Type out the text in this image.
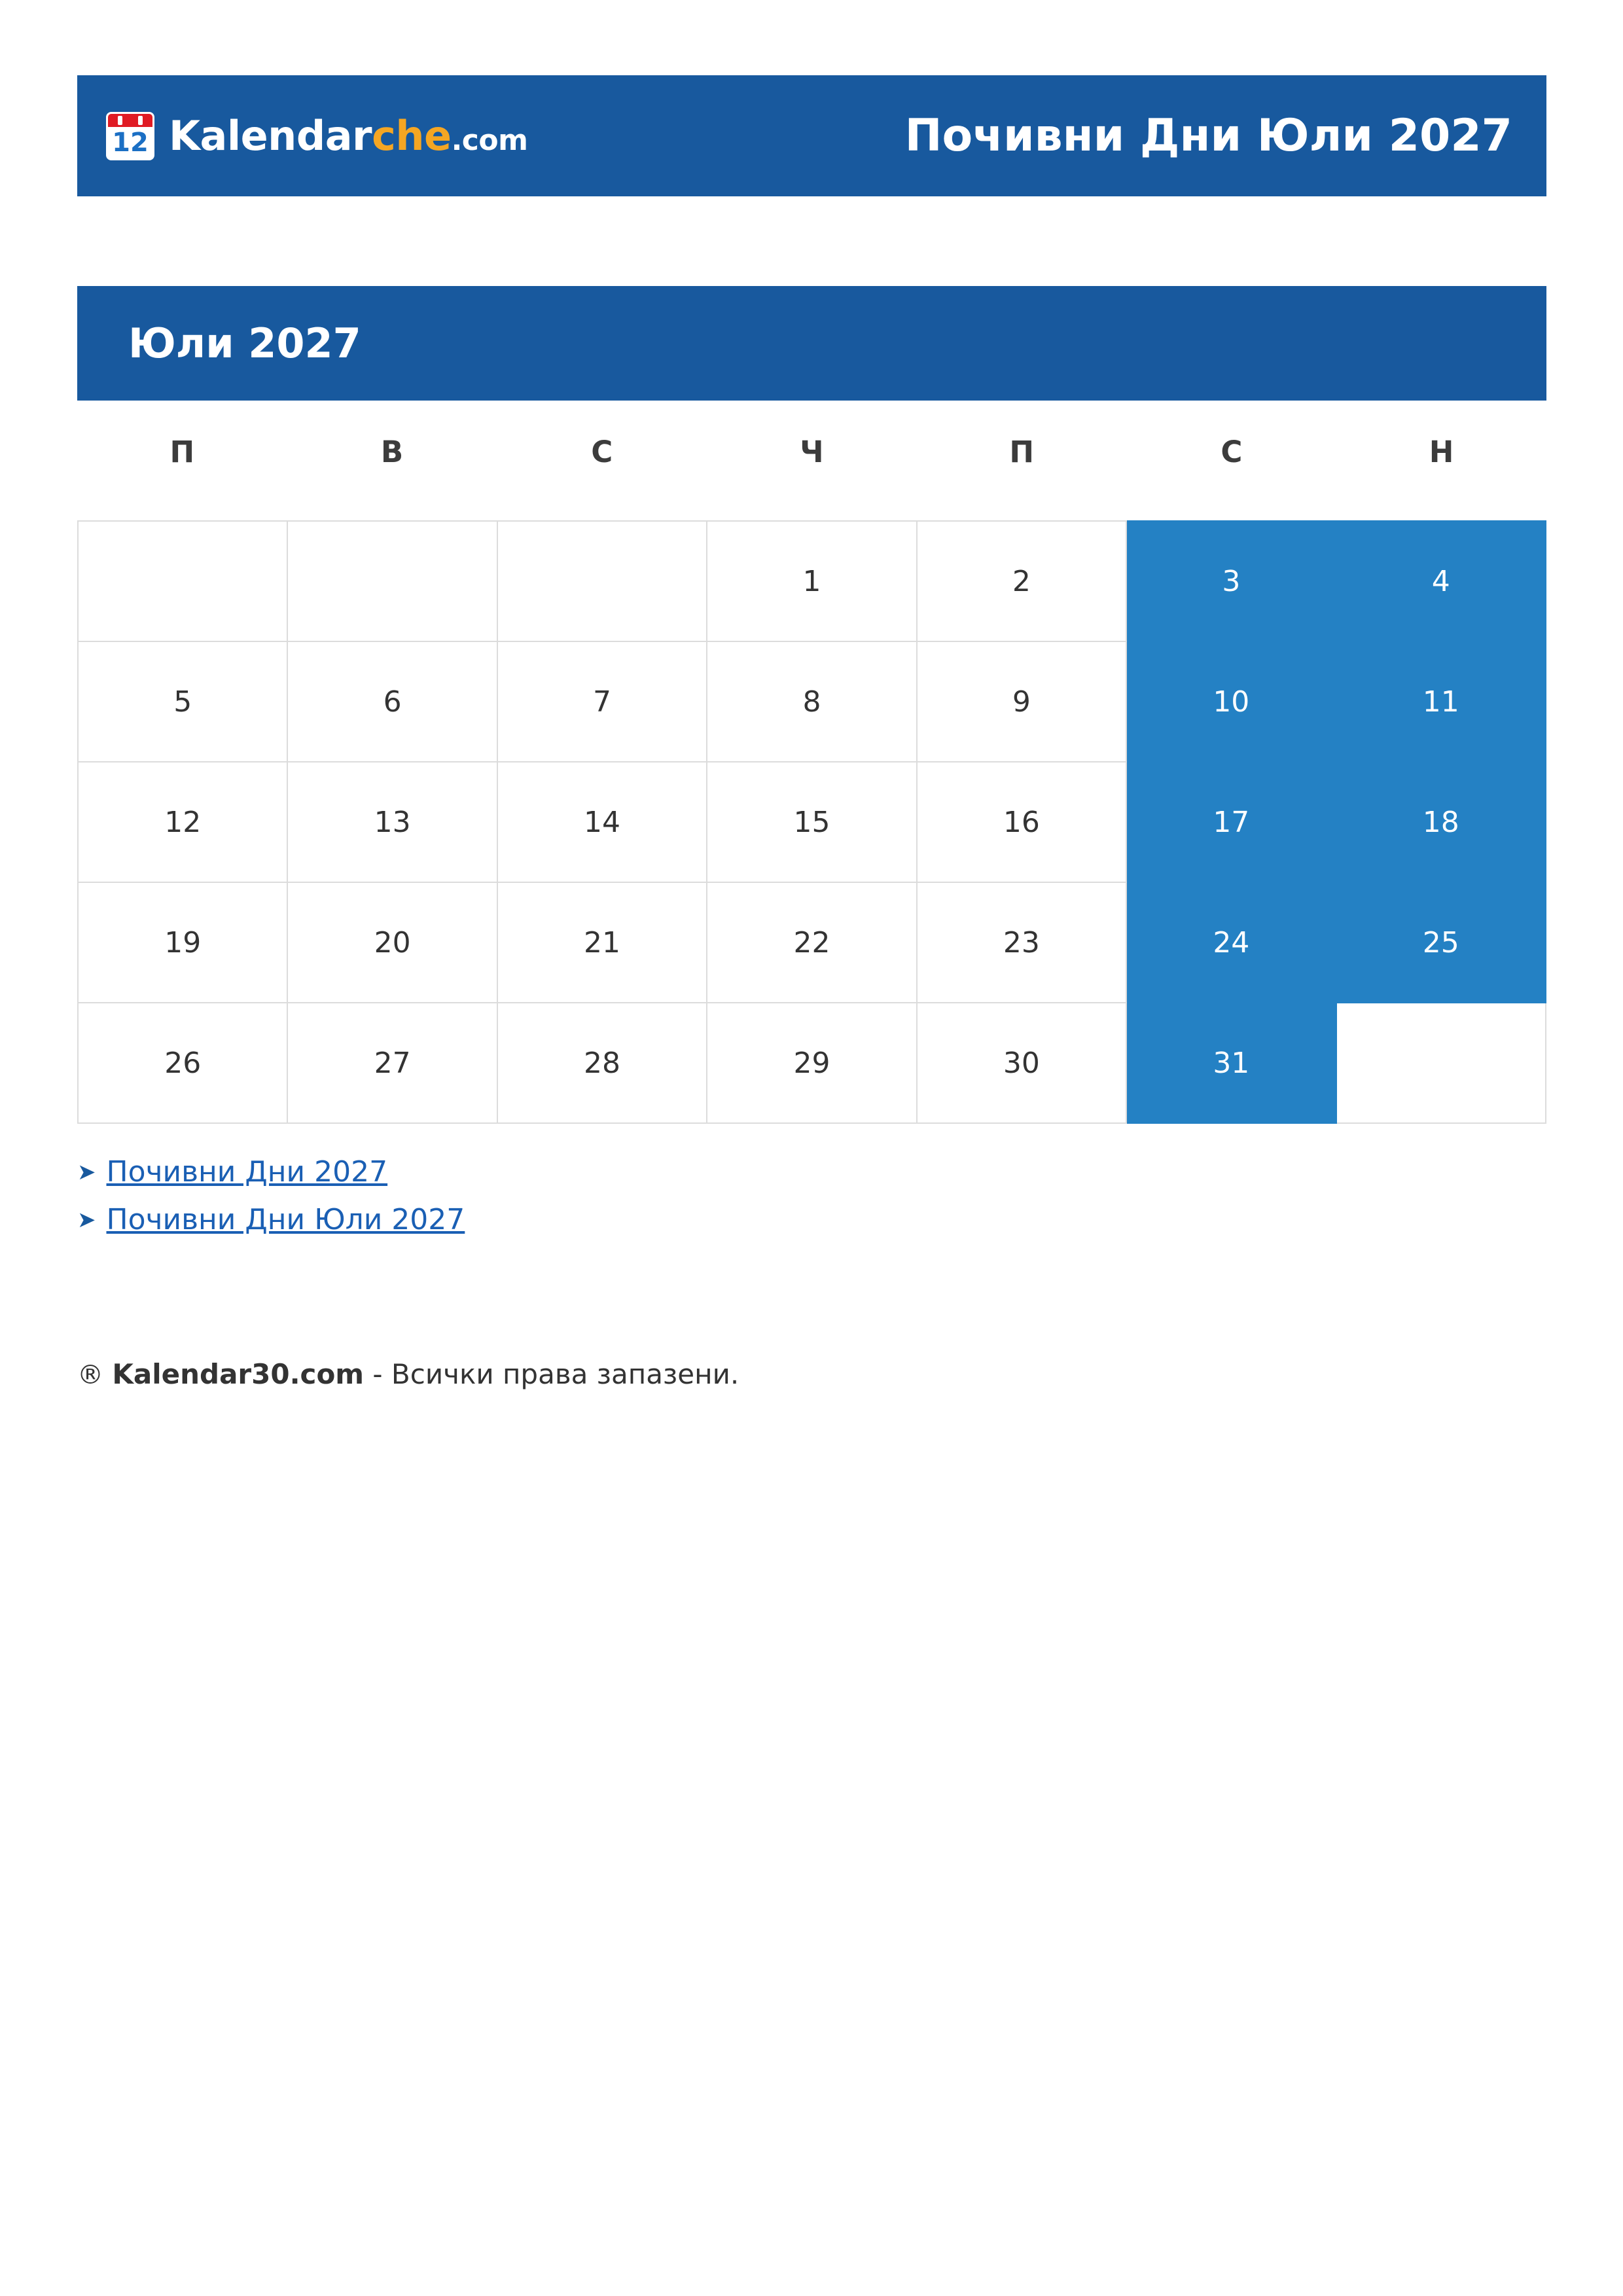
12 Kalendarche.com	Почивни Дни Юли 2027
Юли 2027
П	В	С	Ч	П	С	Н
			1	2	3	4
5	6	7	8	9	10	11
12	13	14	15	16	17	18
19	20	21	22	23	24	25
26	27	28	29	30	31	
➤ Почивни Дни 2027
➤ Почивни Дни Юли 2027
® Kalendar30.com - Всички права запазени.
